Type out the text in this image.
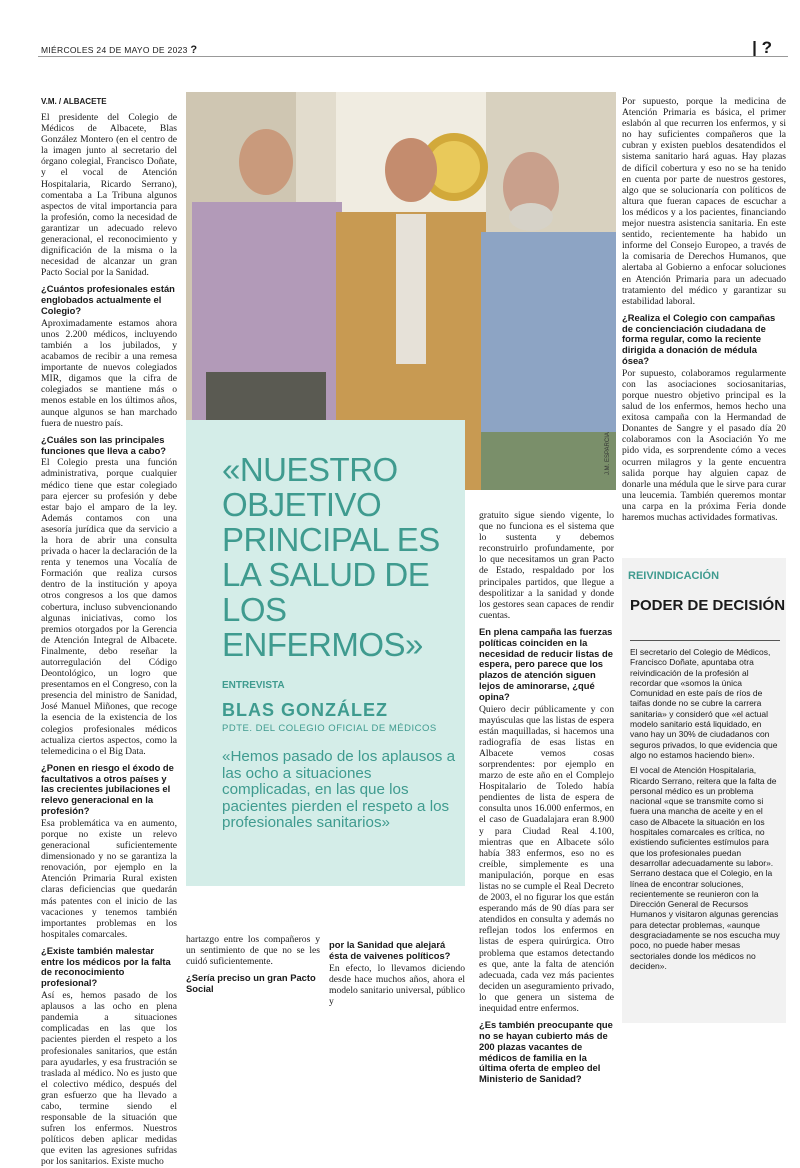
MIÉRCOLES 24 DE MAYO DE 2023 ?	| ?
V.M. / ALBACETE

El presidente del Colegio de Médicos de Albacete, Blas González Montero (en el centro de la imagen junto al secretario del órgano colegial, Francisco Doñate, y el vocal de Atención Hospitalaria, Ricardo Serrano), comentaba a La Tribuna algunos aspectos de vital importancia para la profesión, como la necesidad de garantizar un adecuado relevo generacional, el reconocimiento y dignificación de la misma o la necesidad de alcanzar un gran Pacto Social por la Sanidad.

¿Cuántos profesionales están englobados actualmente el Colegio?

Aproximadamente estamos ahora unos 2.200 médicos, incluyendo también a los jubilados, y acabamos de recibir a una remesa importante de nuevos colegiados MIR, digamos que la cifra de colegiados se mantiene más o menos estable en los últimos años, aunque algunos se han marchado fuera de nuestro país.

¿Cuáles son las principales funciones que lleva a cabo?

El Colegio presta una función administrativa, porque cualquier médico tiene que estar colegiado para ejercer su profesión y debe estar bajo el amparo de la ley. Además contamos con una asesoría jurídica que da servicio a la hora de abrir una consulta privada o hacer la declaración de la renta y tenemos una Vocalía de Formación que realiza cursos dentro de la institución y apoya otros congresos a los que damos cobertura, incluso subvencionando algunas iniciativas, como los premios otorgados por la Gerencia de Atención Integral de Albacete. Finalmente, debo reseñar la autorregulación del Código Deontológico, un logro que presentamos en el Congreso, con la presencia del ministro de Sanidad, José Manuel Miñones, que recoge la esencia de la existencia de los colegios profesionales médicos actualiza ciertos aspectos, como la telemedicina o el Big Data.

¿Ponen en riesgo el éxodo de facultativos a otros países y las crecientes jubilaciones el relevo generacional en la profesión?

Esa problemática va en aumento, porque no existe un relevo generacional suficientemente dimensionado y no se garantiza la renovación, por ejemplo en la Atención Primaria Rural existen claras deficiencias que quedarán más patentes con el inicio de las vacaciones y tenemos también importantes problemas en los hospitales comarcales.

¿Existe también malestar entre los médicos por la falta de reconocimiento profesional?

Así es, hemos pasado de los aplausos a las ocho en plena pandemia a situaciones complicadas en las que los pacientes pierden el respeto a los profesionales sanitarios, que están para ayudarles, y esa frustración se traslada al médico. No es justo que el colectivo médico, después del gran esfuerzo que ha llevado a cabo, termine siendo el responsable de la situación que sufren los enfermos. Nuestros políticos deben aplicar medidas que eviten las agresiones sufridas por los sanitarios. Existe mucho

J.M. ESPARCIA
«NUESTRO OBJETIVO PRINCIPAL ES LA SALUD DE LOS ENFERMOS»
ENTREVISTA
BLAS GONZÁLEZ
PDTE. DEL COLEGIO OFICIAL DE MÉDICOS
«Hemos pasado de los aplausos a las ocho a situaciones complicadas, en las que los pacientes pierden el respeto a los profesionales sanitarios»

hartazgo entre los compañeros y un sentimiento de que no se les cuidó suficientemente.

¿Sería preciso un gran Pacto Social
por la Sanidad que alejará ésta de vaivenes políticos?

En efecto, lo llevamos diciendo desde hace muchos años, ahora el modelo sanitario universal, público y

gratuito sigue siendo vigente, lo que no funciona es el sistema que lo sustenta y debemos reconstruirlo profundamente, por lo que necesitamos un gran Pacto de Estado, respaldado por los principales partidos, que llegue a despolitizar a la sanidad y donde los gestores sean capaces de rendir cuentas.

En plena campaña las fuerzas políticas coinciden en la necesidad de reducir listas de espera, pero parece que los plazos de atención siguen lejos de aminorarse, ¿qué opina?

Quiero decir públicamente y con mayúsculas que las listas de espera están maquilladas, si hacemos una radiografía de esas listas en Albacete vemos cosas sorprendentes: por ejemplo en marzo de este año en el Complejo Hospitalario de Toledo había pendientes de lista de espera de consulta unos 16.000 enfermos, en el caso de Guadalajara eran 8.900 y para Ciudad Real 4.100, mientras que en Albacete sólo había 383 enfermos, eso no es creíble, simplemente es una manipulación, porque en esas listas no se cumple el Real Decreto de 2003, el no figurar los que están esperando más de 90 días para ser atendidos en consulta y además no reflejan todos los enfermos en listas de espera quirúrgica. Otro problema que estamos detectando es que, ante la falta de atención adecuada, cada vez más pacientes deciden un aseguramiento privado, lo que genera un sistema de inequidad entre enfermos.

¿Es también preocupante que no se hayan cubierto más de 200 plazas vacantes de médicos de familia en la última oferta de empleo del Ministerio de Sanidad?

Por supuesto, porque la medicina de Atención Primaria es básica, el primer eslabón al que recurren los enfermos, y si no hay suficientes compañeros que la cubran y existen pueblos desatendidos el sistema sanitario hará aguas. Hay plazas de difícil cobertura y eso no se ha tenido en cuenta por parte de nuestros gestores, algo que se solucionaría con políticos de altura que fueran capaces de escuchar a los médicos y a los pacientes, financiando mejor nuestra asistencia sanitaria. En este sentido, recientemente ha habido un informe del Consejo Europeo, a través de la comisaria de Derechos Humanos, que alertaba al Gobierno a enfocar soluciones en Atención Primaria para un adecuado tratamiento del médico y garantizar su estabilidad laboral.

¿Realiza el Colegio con campañas de concienciación ciudadana de forma regular, como la reciente dirigida a donación de médula ósea?

Por supuesto, colaboramos regularmente con las asociaciones sociosanitarias, porque nuestro objetivo principal es la salud de los enfermos, hemos hecho una exitosa campaña con la Hermandad de Donantes de Sangre y el pasado día 20 colaboramos con la Asociación Yo me pido vida, es sorprendente cómo a veces ocurren milagros y la gente encuentra salida porque hay alguien capaz de donarle una médula que le sirve para curar una leucemia. También queremos montar una carpa en la próxima Feria donde haremos muchas actividades formativas.

REIVINDICACIÓN
PODER DE DECISIÓN

El secretario del Colegio de Médicos, Francisco Doñate, apuntaba otra reivindicación de la profesión al recordar que «somos la única Comunidad en este país de ríos de taifas donde no se cubre la carrera sanitaria» y consideró que «el actual modelo sanitario está liquidado, en vano hay un 30% de ciudadanos con seguros privados, lo que evidencia que algo no estamos haciendo bien».

El vocal de Atención Hospitalaria, Ricardo Serrano, reitera que la falta de personal médico es un problema nacional «que se transmite como si fuera una mancha de aceite y en el caso de Albacete la situación en los hospitales comarcales es crítica, no existiendo suficientes estímulos para que los profesionales puedan desarrollar adecuadamente su labor». Serrano destaca que el Colegio, en la línea de encontrar soluciones, recientemente se reunieron con la Dirección General de Recursos Humanos y visitaron algunas gerencias para detectar problemas, «aunque desgraciadamente se nos escucha muy poco, no puede haber mesas sectoriales donde los médicos no deciden».
